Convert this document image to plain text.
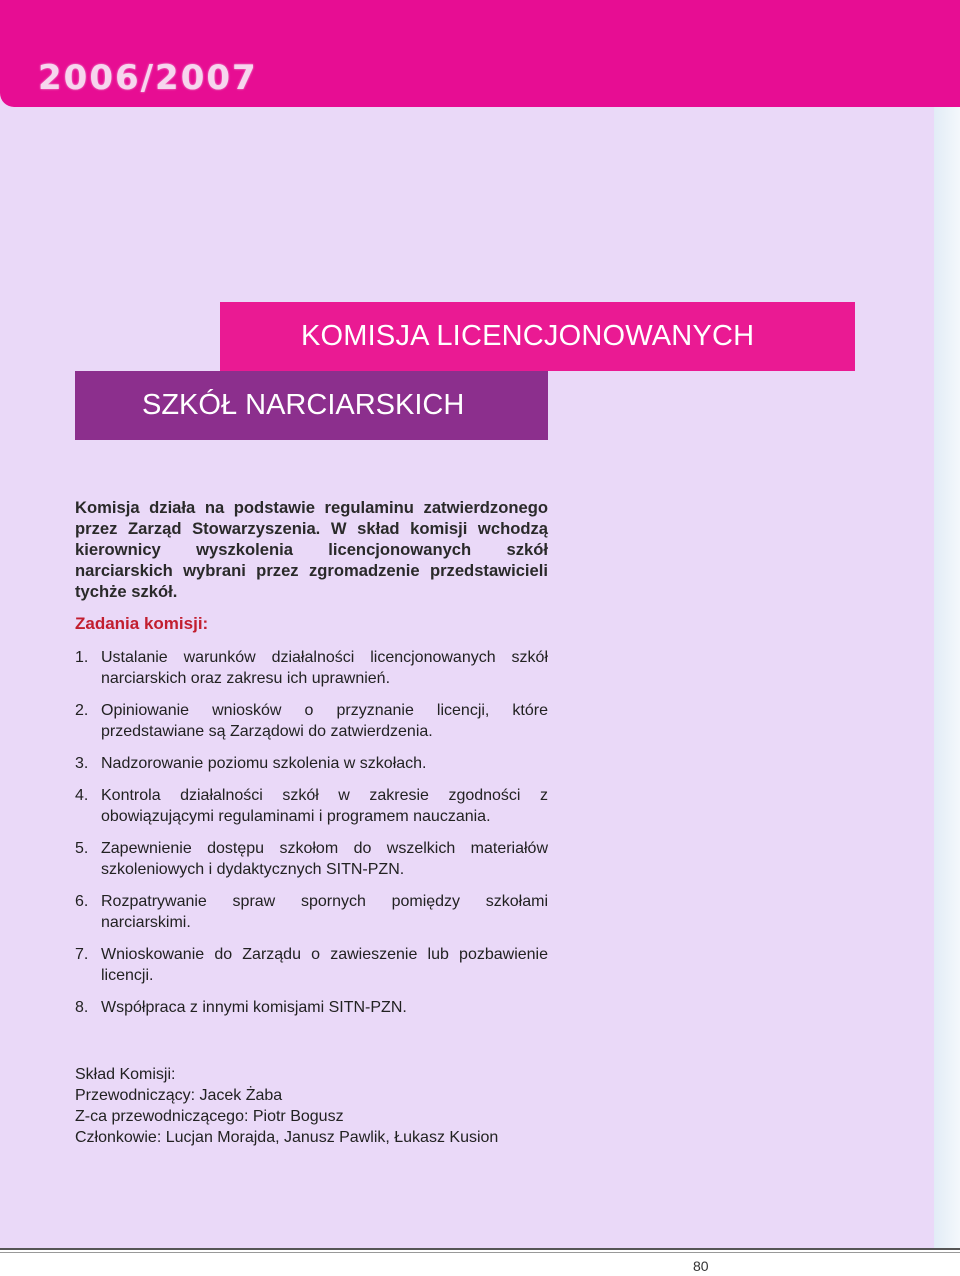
2006/2007
KOMISJA LICENCJONOWANYCH
SZKÓŁ NARCIARSKICH

Komisja działa na podstawie regulaminu zatwierdzonego przez Zarząd Stowarzyszenia. W skład komisji wchodzą kierownicy wyszkolenia licencjonowanych szkół narciarskich wybrani przez zgromadzenie przedstawicieli tychże szkół.

Zadania komisji:
1. Ustalanie warunków działalności licencjonowanych szkół narciarskich oraz zakresu ich uprawnień.
2. Opiniowanie wniosków o przyznanie licencji, które przedstawiane są Zarządowi do zatwierdzenia.
3. Nadzorowanie poziomu szkolenia w szkołach.
4. Kontrola działalności szkół w zakresie zgodności z obowiązującymi regulaminami i programem nauczania.
5. Zapewnienie dostępu szkołom do wszelkich materiałów szkoleniowych i dydaktycznych SITN-PZN.
6. Rozpatrywanie spraw spornych pomiędzy szkołami narciarskimi.
7. Wnioskowanie do Zarządu o zawieszenie lub pozbawienie licencji.
8. Współpraca z innymi komisjami SITN-PZN.
Skład Komisji:
Przewodniczący: Jacek Żaba
Z-ca przewodniczącego: Piotr Bogusz
Członkowie: Lucjan Morajda, Janusz Pawlik, Łukasz Kusion
80
